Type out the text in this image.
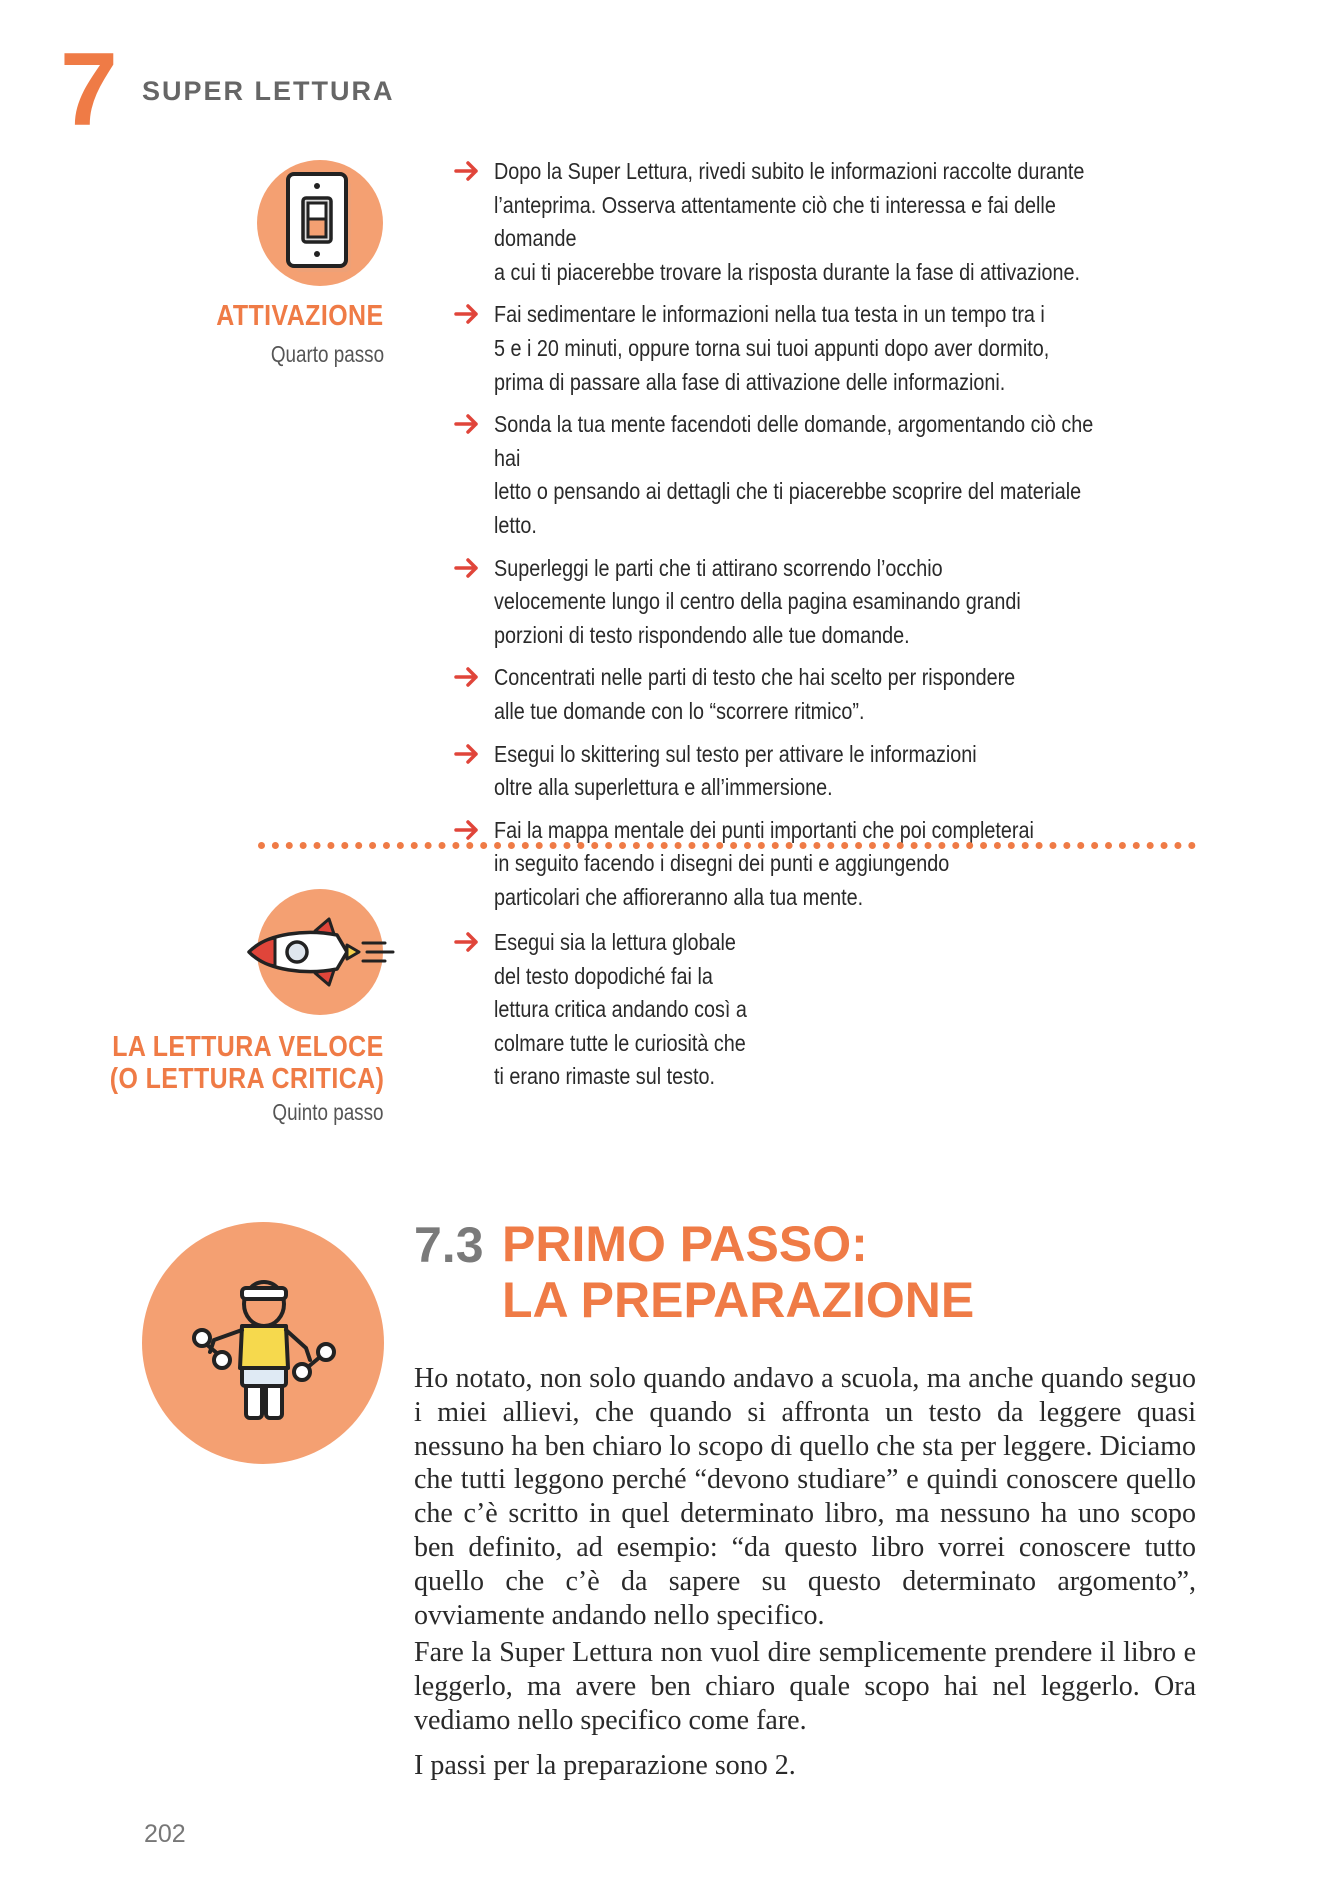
7 SUPER LETTURA
ATTIVAZIONE
Quarto passo
Dopo la Super Lettura, rivedi subito le informazioni raccolte durante
l’anteprima. Osserva attentamente ciò che ti interessa e fai delle domande
a cui ti piacerebbe trovare la risposta durante la fase di attivazione.
Fai sedimentare le informazioni nella tua testa in un tempo tra i
5 e i 20 minuti, oppure torna sui tuoi appunti dopo aver dormito,
prima di passare alla fase di attivazione delle informazioni.
Sonda la tua mente facendoti delle domande, argomentando ciò che hai
letto o pensando ai dettagli che ti piacerebbe scoprire del materiale letto.
Superleggi le parti che ti attirano scorrendo l’occhio
velocemente lungo il centro della pagina esaminando grandi
porzioni di testo rispondendo alle tue domande.
Concentrati nelle parti di testo che hai scelto per rispondere
alle tue domande con lo “scorrere ritmico”.
Esegui lo skittering sul testo per attivare le informazioni
oltre alla superlettura e all’immersione.
Fai la mappa mentale dei punti importanti che poi completerai
in seguito facendo i disegni dei punti e aggiungendo
particolari che affioreranno alla tua mente.
LA LETTURA VELOCE
(O LETTURA CRITICA)
Quinto passo
Esegui sia la lettura globale
del testo dopodiché fai la
lettura critica andando così a
colmare tutte le curiosità che
ti erano rimaste sul testo.
7.3 PRIMO PASSO:
LA PREPARAZIONE

Ho notato, non solo quando andavo a scuola, ma anche quando seguo i miei allievi, che quando si affronta un testo da leggere quasi nessuno ha ben chiaro lo scopo di quello che sta per leggere. Diciamo che tutti leggono perché “devono studiare” e quindi conoscere quello che c’è scritto in quel determinato libro, ma nessuno ha uno scopo ben definito, ad esempio: “da questo libro vorrei conoscere tutto quello che c’è da sapere su questo determinato argomento”, ovviamente andando nello specifico.

Fare la Super Lettura non vuol dire semplicemente prendere il libro e leggerlo, ma avere ben chiaro quale scopo hai nel leggerlo. Ora vediamo nello specifico come fare.

I passi per la preparazione sono 2.

202
